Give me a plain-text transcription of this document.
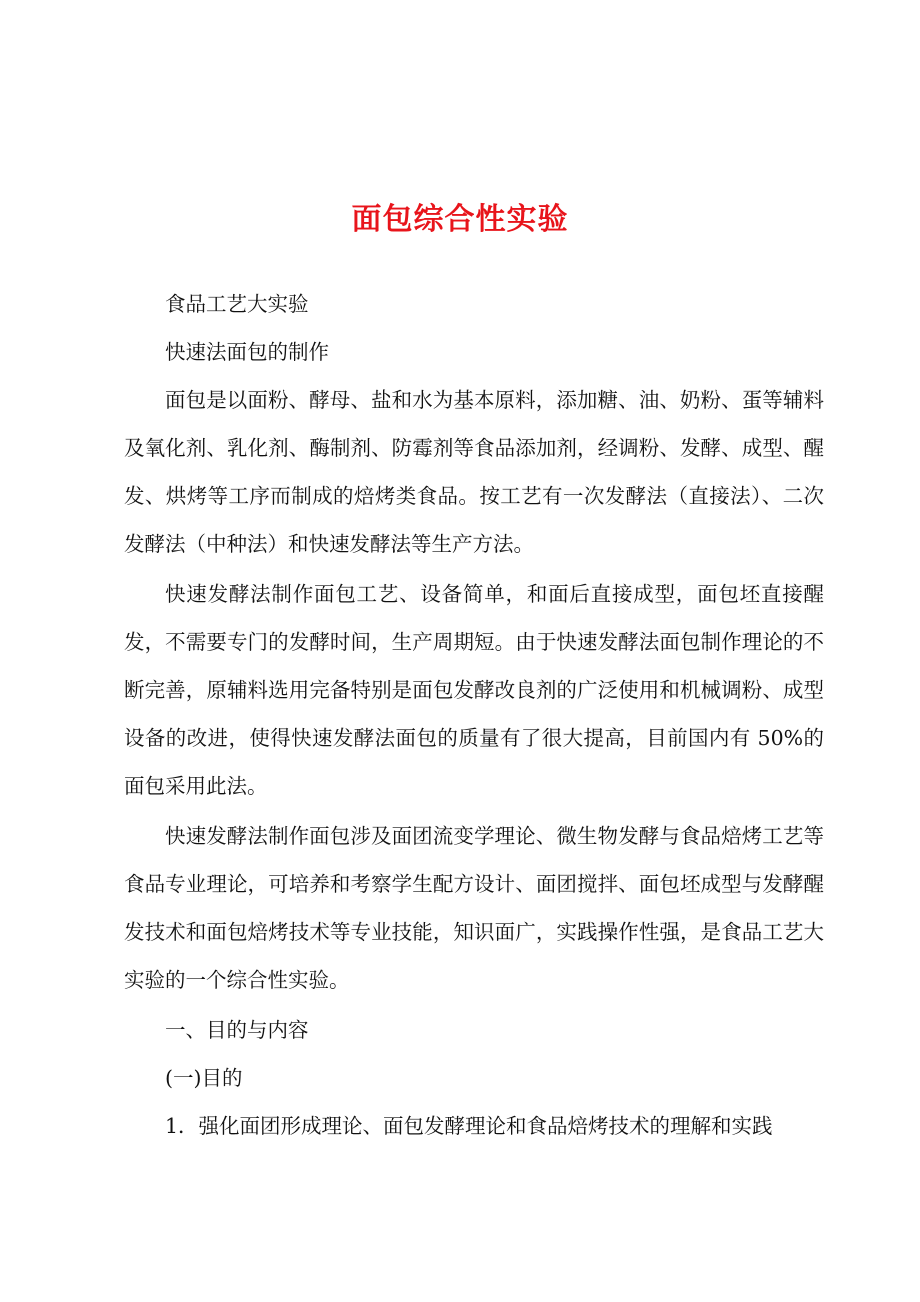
面包综合性实验

食品工艺大实验

快速法面包的制作

面包是以面粉、酵母、盐和水为基本原料，添加糖、油、奶粉、蛋等辅料及氧化剂、乳化剂、酶制剂、防霉剂等食品添加剂，经调粉、发酵、成型、醒发、烘烤等工序而制成的焙烤类食品。按工艺有一次发酵法（直接法）、二次发酵法（中种法）和快速发酵法等生产方法。

快速发酵法制作面包工艺、设备简单，和面后直接成型，面包坯直接醒发，不需要专门的发酵时间，生产周期短。由于快速发酵法面包制作理论的不断完善，原辅料选用完备特别是面包发酵改良剂的广泛使用和机械调粉、成型设备的改进，使得快速发酵法面包的质量有了很大提高，目前国内有 50%的面包采用此法。

快速发酵法制作面包涉及面团流变学理论、微生物发酵与食品焙烤工艺等食品专业理论，可培养和考察学生配方设计、面团搅拌、面包坯成型与发酵醒发技术和面包焙烤技术等专业技能，知识面广，实践操作性强，是食品工艺大实验的一个综合性实验。

一、目的与内容

(一)目的

1．强化面团形成理论、面包发酵理论和食品焙烤技术的理解和实践
